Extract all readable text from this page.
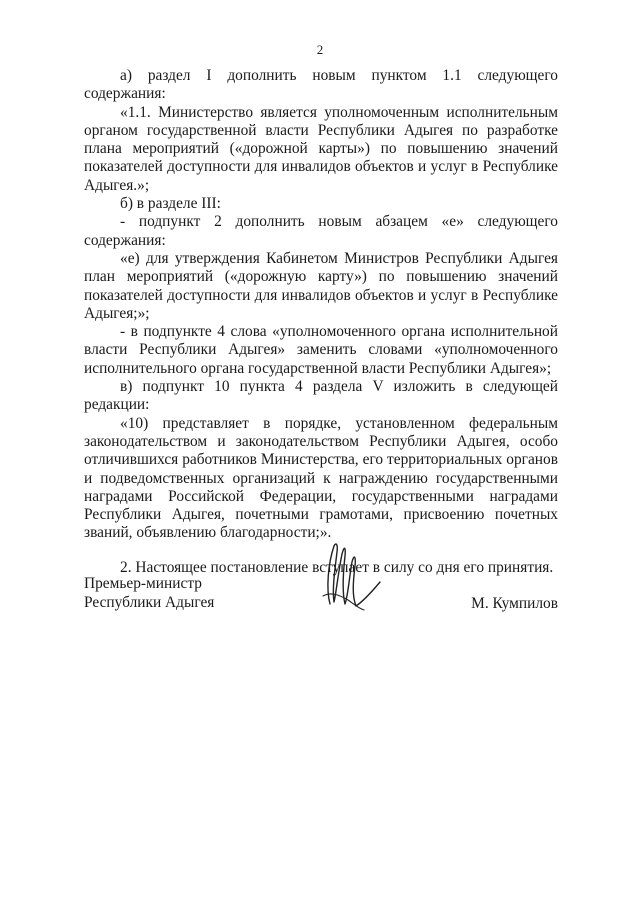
2

а) раздел I дополнить новым пунктом 1.1 следующего содержания:

«1.1. Министерство является уполномоченным исполнительным органом государственной власти Республики Адыгея по разработке плана мероприятий («дорожной карты») по повышению значений показателей доступности для инвалидов объектов и услуг в Республике Адыгея.»;

б) в разделе III:

- подпункт 2 дополнить новым абзацем «е» следующего содержания:

«е) для утверждения Кабинетом Министров Республики Адыгея план мероприятий («дорожную карту») по повышению значений показателей доступности для инвалидов объектов и услуг в Республике Адыгея;»;

- в подпункте 4 слова «уполномоченного органа исполнительной власти Республики Адыгея» заменить словами «уполномоченного исполнительного органа государственной власти Республики Адыгея»;

в) подпункт 10 пункта 4 раздела V изложить в следующей редакции:

«10) представляет в порядке, установленном федеральным законодательством и законодательством Республики Адыгея, особо отличившихся работников Министерства, его территориальных органов и подведомственных организаций к награждению государственными наградами Российской Федерации, государственными наградами Республики Адыгея, почетными грамотами, присвоению почетных званий, объявлению благодарности;».

2. Настоящее постановление вступает в силу со дня его принятия.

Премьер-министр
Республики Адыгея	М. Кумпилов
